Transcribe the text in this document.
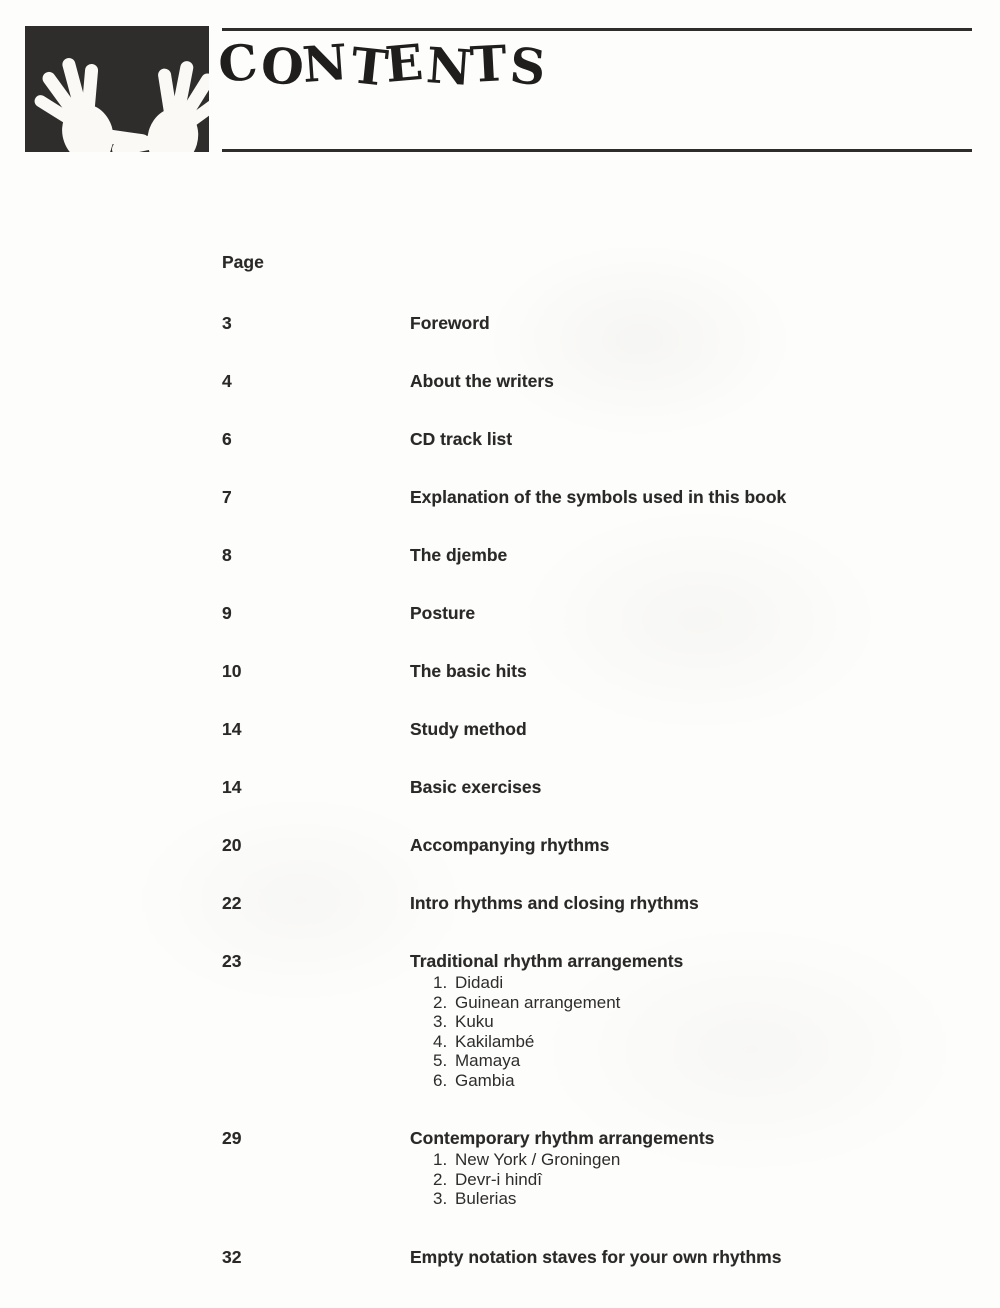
CONTENTS
Page
3	Foreword
4	About the writers
6	CD track list
7	Explanation of the symbols used in this book
8	The djembe
9	Posture
10	The basic hits
14	Study method
14	Basic exercises
20	Accompanying rhythms
22	Intro rhythms and closing rhythms
23	Traditional rhythm arrangements
1. Didadi
2. Guinean arrangement
3. Kuku
4. Kakilambé
5. Mamaya
6. Gambia
29	Contemporary rhythm arrangements
1. New York / Groningen
2. Devr-i hindî
3. Bulerias
32	Empty notation staves for your own rhythms
